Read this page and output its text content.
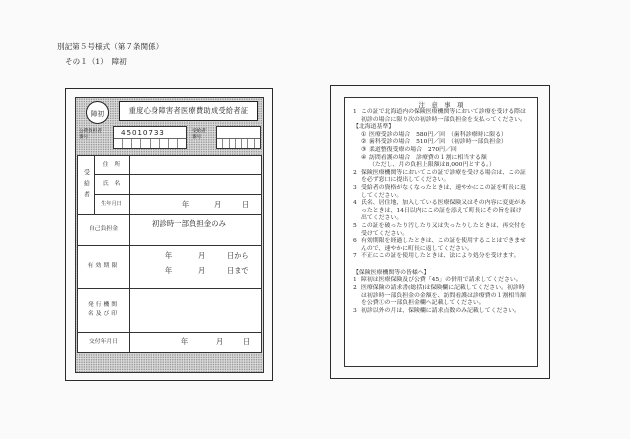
別記第５号様式（第７条関係）
その１（1）　障初
障初	重度心身障害者医療費助成受給者証
公費負担者番号
45010733	受給者番号
受給者
住　所
氏　名
生年月日	年	月	日
自己負担金
初診時一部負担金のみ
有効期限
年	月	日から
年	月	日まで
発行機関名及び印
交付年月日	年	月	日
注　意　事　項
1 この証で北海道内の保険医療機関等において診療を受ける際は初診の場合に限り次の初診時一部負担金を支払ってください。
【北海道基準】
① 医療受診の場合　580円／回　（歯科診療時に限る）
② 歯科受診の場合　510円／回　（初診時一部負担金）
③ 柔道整復受療の場合　270円／回
④ 訪問看護の場合　診療費の１割に相当する額
（ただし、月の負担上限額は8,000円とする。）
2 保険医療機関等においてこの証で診療を受ける場合は、この証を必ず窓口に提出してください。
3 受給者の資格がなくなったときは、速やかにこの証を町長に返してください。
4 氏名、居住地、加入している医療保険又はその内容に変更があったときは、14日以内にこの証を添えて町長にその旨を届け出てください。
5 この証を破ったり汚したり又は失ったりしたときは、再交付を受けてください。
6 有効期限を経過したときは、この証を使用することはできませんので、速やかに町長に返してください。
7 不正にこの証を使用したときは、法により処分を受けます。
【保険医療機関等の皆様へ】
1 障初は医療保険及び公費「45」の併用で請求してください。
2 医療保険の請求書(総括)は保険欄に記載してください。初診時は初診時一部負担金の金額を、訪問看護は診療費の１割相当額を公費①の一部負担金欄へ記載してください。
3 初診以外の月は、保険欄に請求点数のみ記載してください。
